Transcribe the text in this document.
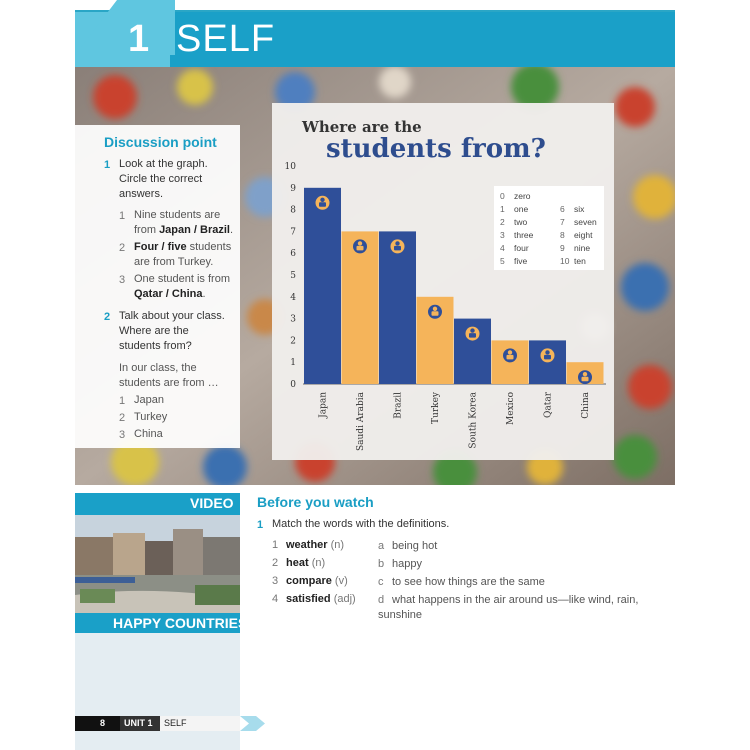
1 SELF
Discussion point
1 Look at the graph. Circle the correct answers.
1 Nine students are from Japan / Brazil.
2 Four / five students are from Turkey.
3 One student is from Qatar / China.
2 Talk about your class. Where are the students from?
In our class, the students are from …
1 Japan
2 Turkey
3 China
Where are the
students from?
0
1
2
3
4
5
6
7
8
9
10
Japan	Saudi Arabia	Brazil	Turkey	South Korea	Mexico	Qatar	China
0 zero
1 one
2 two
3 three
4 four
5 five
6 six
7 seven
8 eight
9 nine
10 ten
VIDEO
HAPPY COUNTRIES
Before you watch
1 Match the words with the definitions.
1 weather (n)
2 heat (n)
3 compare (v)
4 satisfied (adj)
a being hot
b happy
c to see how things are the same
d what happens in the air around us—like wind, rain, sunshine
8 UNIT 1 SELF
